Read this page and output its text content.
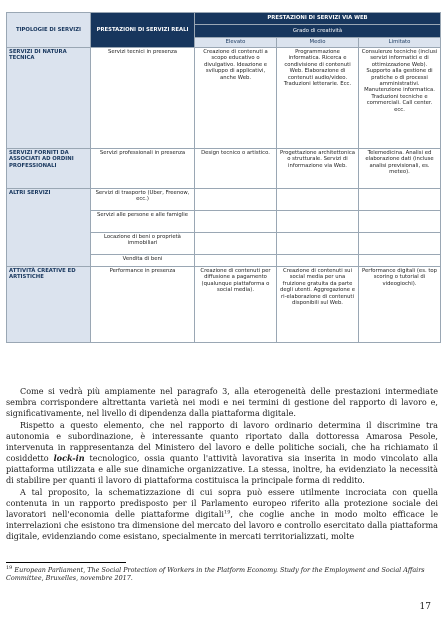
TIPOLOGIE DI SERVIZI	PRESTAZIONI DI SERVIZI REALI	PRESTAZIONI DI SERVIZI VIA WEB		
		Grado di creatività		
		Elevato	Medio	Limitato
SERVIZI DI NATURA TECNICA	Servizi tecnici in presenza	Creazione di contenuti a scopo educativo o divulgativo. Ideazione e sviluppo di applicativi, anche Web.	Programmazione informatica. Ricerca e condivisione di contenuti Web. Elaborazione di contenuti audio/video. Traduzioni letterarie. Ecc.	Consulenze tecniche (inclusi servizi informatici e di ottimizzazione Web). Supporto alla gestione di pratiche o di processi amministrativi. Manutenzione informatica. Traduzioni tecniche e commerciali. Call center. ecc.
SERVIZI FORNITI DA ASSOCIATI AD ORDINI PROFESSIONALI	Servizi professionali in presenza	Design tecnico o artistico.	Progettazione architettonica o strutturale. Servizi di informazione via Web.	Telemedicina. Analisi ed elaborazione dati (incluse analisi previsionali, es. meteo).
ALTRI SERVIZI	Servizi di trasporto (Uber, Freenow, ecc.)			
	Servizi alle persone e alle famiglie			
	Locazione di beni o proprietà immobiliari			
	Vendita di beni			
ATTIVITÀ CREATIVE ED ARTISTICHE	Performance in presenza	Creazione di contenuti per diffusione a pagamento (qualunque piattaforma o social media).	Creazione di contenuti sui social media per una fruizione gratuita da parte degli utenti. Aggregazione e ri-elaborazione di contenuti disponibili sul Web.	Performance digitali (es. top scoring o tutorial di videogiochi).

Come si vedrà più ampiamente nel paragrafo 3, alla eterogeneità delle prestazioni intermediate sembra corrispondere altrettanta varietà nei modi e nei termini di gestione del rapporto di lavoro e, significativamente, nel livello di dipendenza dalla piattaforma digitale.

Rispetto a questo elemento, che nel rapporto di lavoro ordinario determina il discrimine tra autonomia e subordinazione, è interessante quanto riportato dalla dottoressa Amarosa Pesole, intervenuta in rappresentanza del Ministero del lavoro e delle politiche sociali, che ha richiamato il cosiddetto lock-in tecnologico, ossia quanto l'attività lavorativa sia inserita in modo vincolato alla piattaforma utilizzata e alle sue dinamiche organizzative. La stessa, inoltre, ha evidenziato la necessità di stabilire per quanti il lavoro di piattaforma costituisca la principale forma di reddito.

A tal proposito, la schematizzazione di cui sopra può essere utilmente incrociata con quella contenuta in un rapporto predisposto per il Parlamento europeo riferito alla protezione sociale dei lavoratori nell'economia delle piattaforme digitali$^{19}$, che coglie anche in modo molto efficace le interrelazioni che esistono tra dimensione del mercato del lavoro e controllo esercitato dalla piattaforma digitale, evidenziando come esistano, specialmente in mercati territorializzati, molte

$^{19}$ European Parliament, The Social Protection of Workers in the Platform Economy. Study for the Employment and Social Affairs Committee, Bruxelles, novembre 2017.
17
